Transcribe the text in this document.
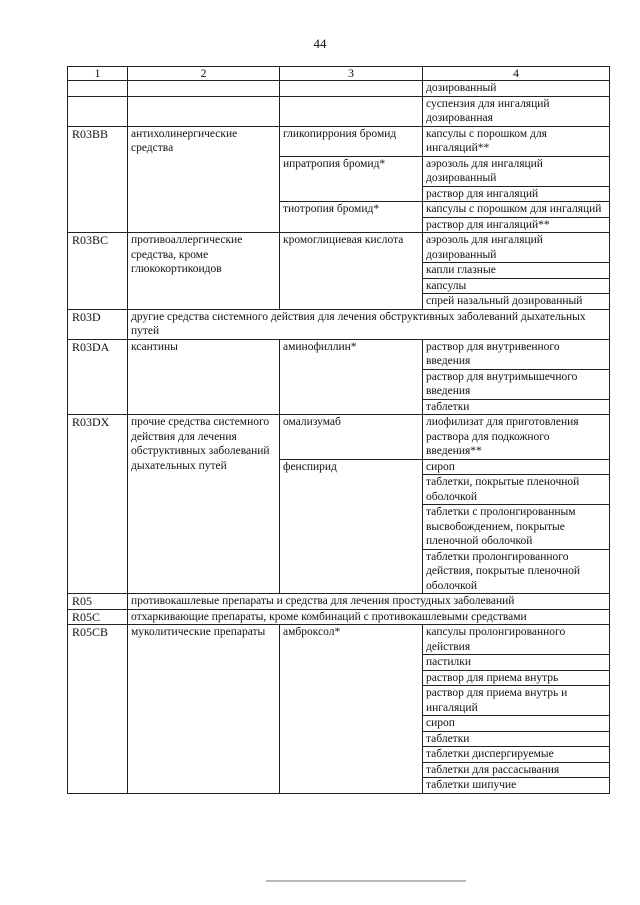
44
1	2	3	4
			дозированный
			суспензия для ингаляций дозированная
R03BB	антихолинергические средства	гликопиррония бромид	капсулы с порошком для ингаляций**
		ипратропия бромид*	аэрозоль для ингаляций дозированный
			раствор для ингаляций
		тиотропия бромид*	капсулы с порошком для ингаляций
			раствор для ингаляций**
R03BC	противоаллергические средства, кроме глюкокортикоидов	кромоглициевая кислота	аэрозоль для ингаляций дозированный
			капли глазные
			капсулы
			спрей назальный дозированный
R03D	другие средства системного действия для лечения обструктивных заболеваний дыхательных путей		
R03DA	ксантины	аминофиллин*	раствор для внутривенного введения
			раствор для внутримышечного введения
			таблетки
R03DX	прочие средства системного действия для лечения обструктивных заболеваний дыхательных путей	омализумаб	лиофилизат для приготовления раствора для подкожного введения**
		фенспирид	сироп
			таблетки, покрытые пленочной оболочкой
			таблетки с пролонгированным высвобождением, покрытые пленочной оболочкой
			таблетки пролонгированного действия, покрытые пленочной оболочкой
R05	противокашлевые препараты и средства для лечения простудных заболеваний		
R05C	отхаркивающие препараты, кроме комбинаций с противокашлевыми средствами		
R05CB	муколитические препараты	амброксол*	капсулы пролонгированного действия
			пастилки
			раствор для приема внутрь
			раствор для приема внутрь и ингаляций
			сироп
			таблетки
			таблетки диспергируемые
			таблетки для рассасывания
			таблетки шипучие
